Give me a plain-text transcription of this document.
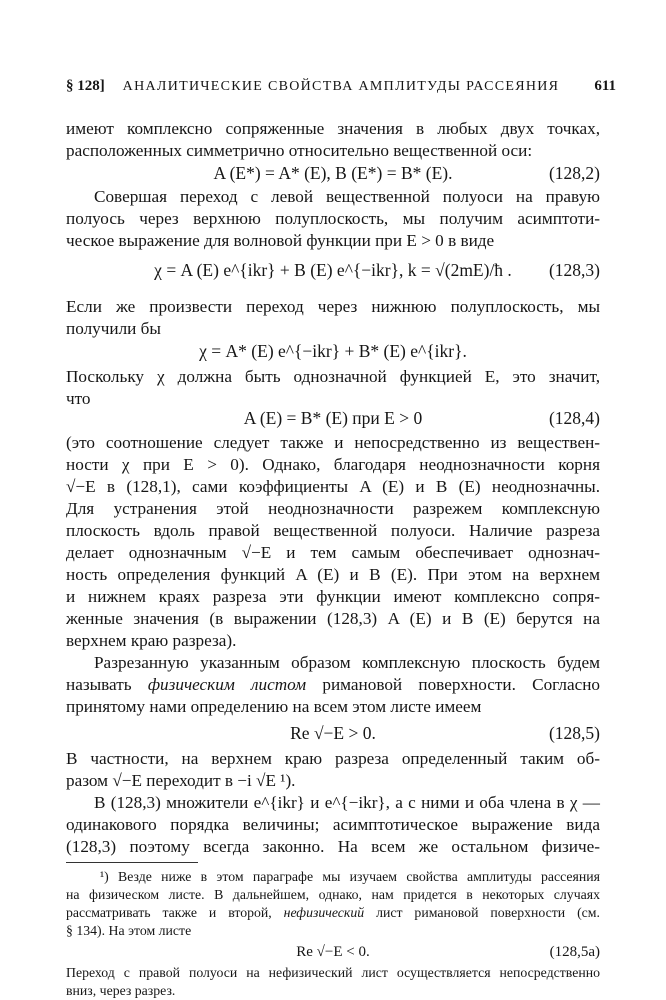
§ 128]	АНАЛИТИЧЕСКИЕ СВОЙСТВА АМПЛИТУДЫ РАССЕЯНИЯ	611
имеют комплексно сопряженные значения в любых двух точках,
расположенных симметрично относительно вещественной оси:
A (E*) = A* (E), B (E*) = B* (E).	(128,2)
Совершая переход с левой вещественной полуоси на правую
полуось через верхнюю полуплоскость, мы получим асимптоти-
ческое выражение для волновой функции при E > 0 в виде
χ = A (E) e^{ikr} + B (E) e^{−ikr}, k = √(2mE)/ħ .	(128,3)
Если же произвести переход через нижнюю полуплоскость, мы
получили бы
χ = A* (E) e^{−ikr} + B* (E) e^{ikr}.
Поскольку χ должна быть однозначной функцией E, это значит,
что
A (E) = B* (E) при E > 0	(128,4)
(это соотношение следует также и непосредственно из веществен-
ности χ при E > 0). Однако, благодаря неоднозначности корня
√−E в (128,1), сами коэффициенты A (E) и B (E) неоднозначны.
Для устранения этой неоднозначности разрежем комплексную
плоскость вдоль правой вещественной полуоси. Наличие разреза
делает однозначным √−E и тем самым обеспечивает однознач-
ность определения функций A (E) и B (E). При этом на верхнем
и нижнем краях разреза эти функции имеют комплексно сопря-
женные значения (в выражении (128,3) A (E) и B (E) берутся на
верхнем краю разреза).
Разрезанную указанным образом комплексную плоскость будем
называть физическим листом римановой поверхности. Согласно
принятому нами определению на всем этом листе имеем
Re √−E > 0.	(128,5)
В частности, на верхнем краю разреза определенный таким об-
разом √−E переходит в −i √E ¹).
В (128,3) множители e^{ikr} и e^{−ikr}, а с ними и оба члена в χ —
одинакового порядка величины; асимптотическое выражение вида
(128,3) поэтому всегда законно. На всем же остальном физиче-
¹) Везде ниже в этом параграфе мы изучаем свойства амплитуды рассеяния
на физическом листе. В дальнейшем, однако, нам придется в некоторых случаях
рассматривать также и второй, нефизический лист римановой поверхности (см.
§ 134). На этом листе
Re √−E < 0.	(128,5а)
Переход с правой полуоси на нефизический лист осуществляется непосредственно
вниз, через разрез.
